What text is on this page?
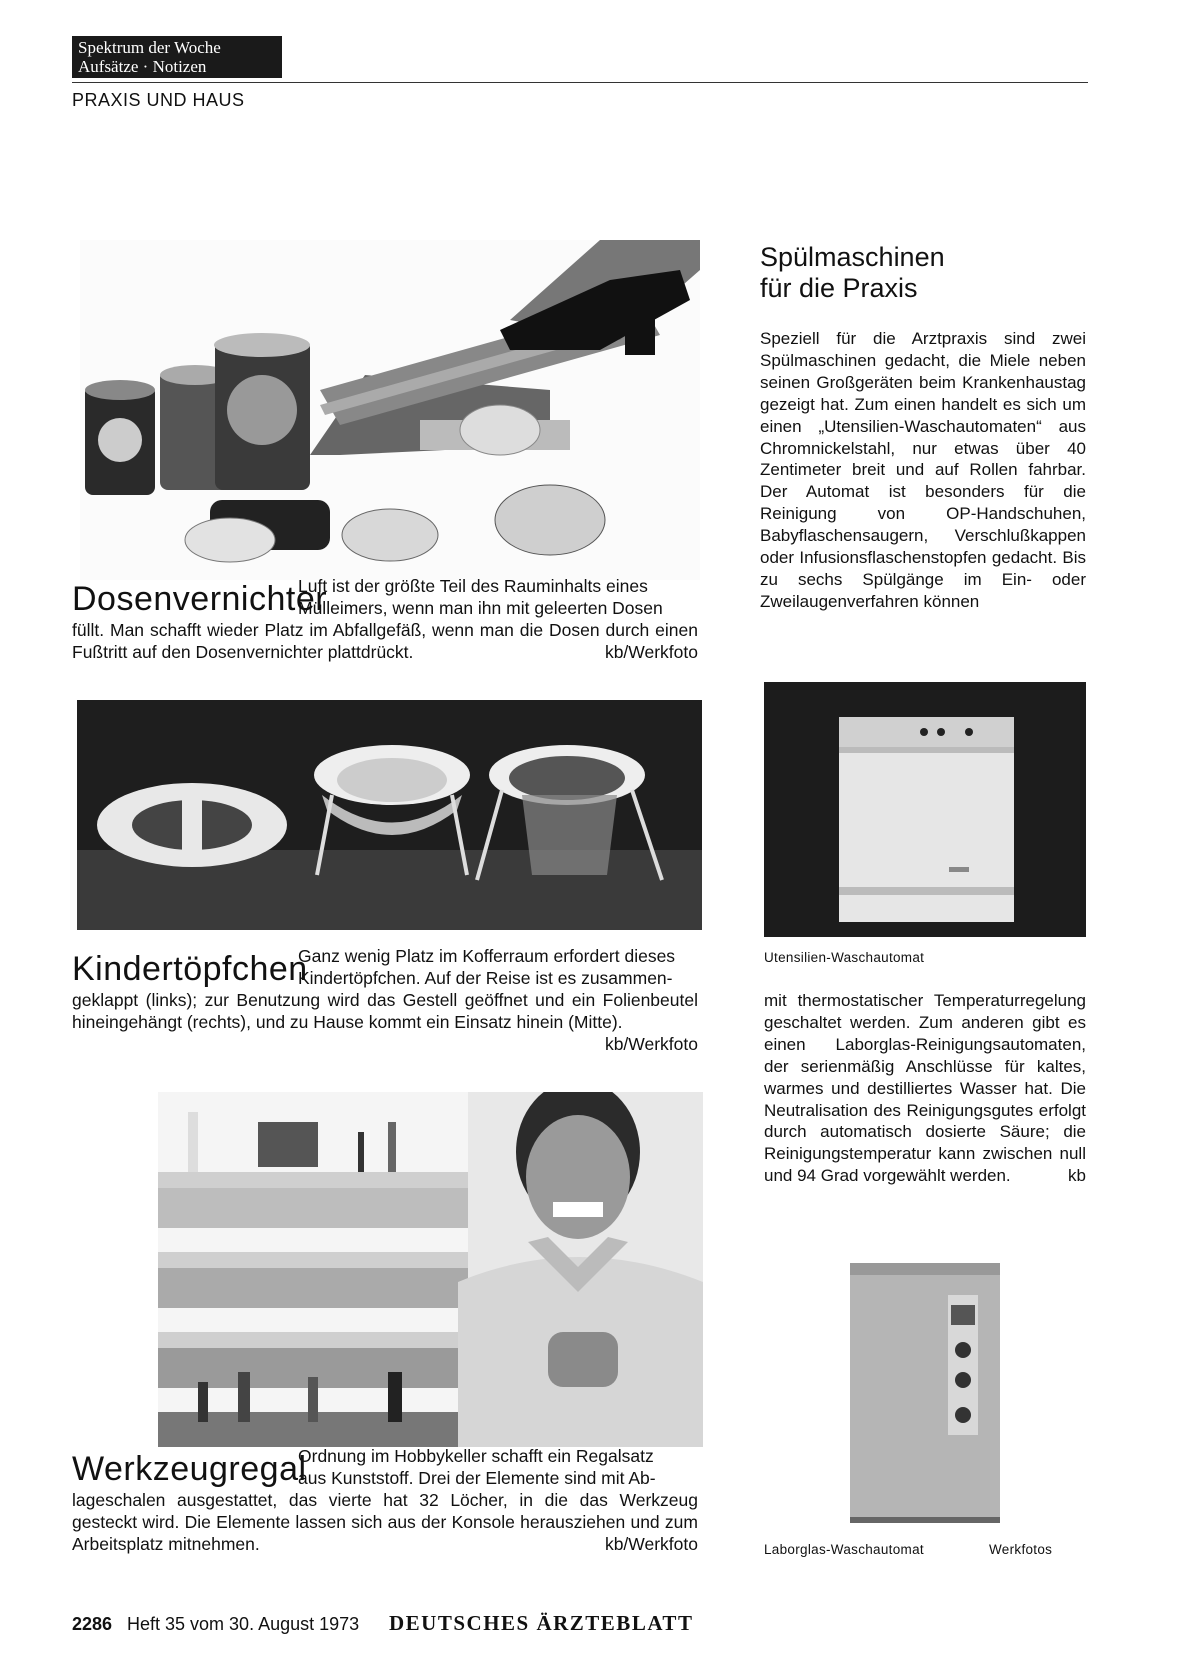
Spektrum der Woche
Aufsätze · Notizen
PRAXIS UND HAUS
Dosenvernichter

Luft ist der größte Teil des Rauminhalts eines

Mülleimers, wenn man ihn mit geleerten Dosen

füllt. Man schafft wieder Platz im Abfallgefäß, wenn man die Dosen durch einen Fußtritt auf den Dosenvernichter plattdrückt.	kb/Werkfoto
Kindertöpfchen

Ganz wenig Platz im Kofferraum erfordert dieses

Kindertöpfchen. Auf der Reise ist es zusammen-

geklappt (links); zur Benutzung wird das Gestell geöffnet und ein Folienbeutel hineingehängt (rechts), und zu Hause kommt ein Einsatz hinein (Mitte).
kb/Werkfoto
Werkzeugregal

Ordnung im Hobbykeller schafft ein Regalsatz

aus Kunststoff. Drei der Elemente sind mit Ab-

lageschalen ausgestattet, das vierte hat 32 Löcher, in die das Werkzeug gesteckt wird. Die Elemente lassen sich aus der Konsole herausziehen und zum Arbeitsplatz mitnehmen.	kb/Werkfoto
Spülmaschinen
für die Praxis
Speziell für die Arztpraxis sind zwei Spülmaschinen gedacht, die Miele neben seinen Großgeräten beim Krankenhaustag gezeigt hat. Zum einen handelt es sich um einen „Utensilien-Waschautomaten“ aus Chromnickelstahl, nur etwas über 40 Zentimeter breit und auf Rollen fahrbar. Der Automat ist besonders für die Reinigung von OP-Handschuhen, Babyflaschensaugern, Verschlußkappen oder Infusionsflaschenstopfen gedacht. Bis zu sechs Spülgänge im Ein- oder Zweilaugenverfahren können
Utensilien-Waschautomat
mit thermostatischer Temperaturregelung geschaltet werden. Zum anderen gibt es einen Laborglas-Reinigungsautomaten, der serienmäßig Anschlüsse für kaltes, warmes und destilliertes Wasser hat. Die Neutralisation des Reinigungsgutes erfolgt durch automatisch dosierte Säure; die Reinigungstemperatur kann zwischen null und 94 Grad vorgewählt werden.	kb
Laborglas-Waschautomat	Werkfotos
2286 Heft 35 vom 30. August 1973 DEUTSCHES ÄRZTEBLATT
